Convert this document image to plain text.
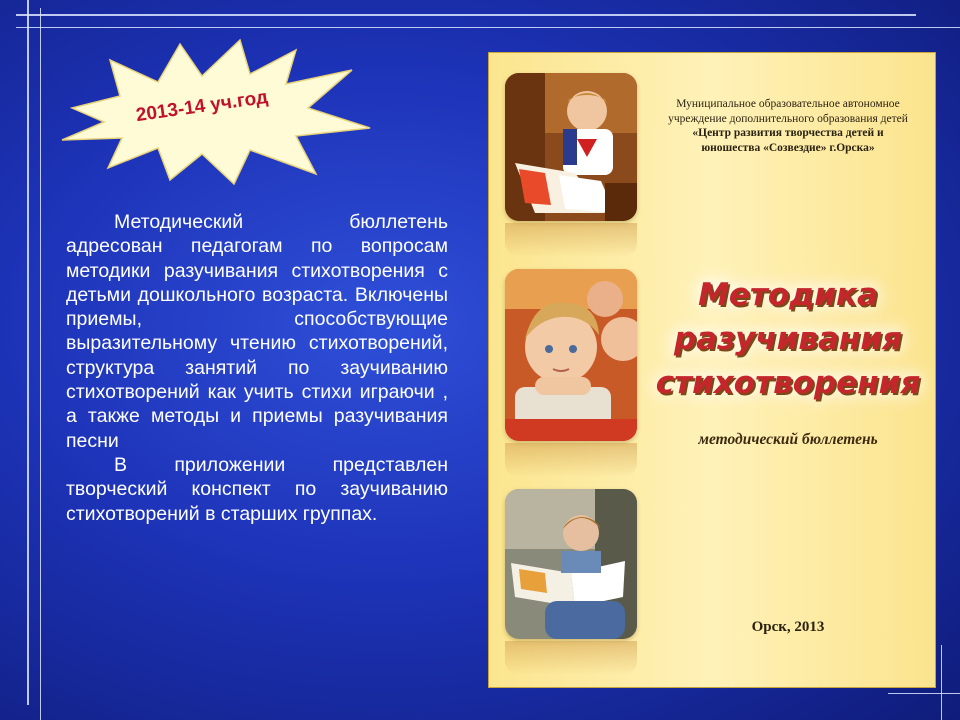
2013-14 уч.год

Методический бюллетень адресован педагогам по вопросам методики разучивания стихотворения с детьми дошкольного возраста. Включены приемы, способствующие выразительному чтению стихотворений, структура занятий по заучиванию стихотворений как учить стихи играючи , а также методы и приемы разучивания песни

В приложении представлен творческий конспект по заучиванию стихотворений в старших группах.

Муниципальное образовательное автономное
учреждение дополнительного образования детей
«Центр развития творчества детей и
юношества «Созвездие» г.Орска»
Методика
разучивания
стихотворения
методический бюллетень
Орск, 2013
